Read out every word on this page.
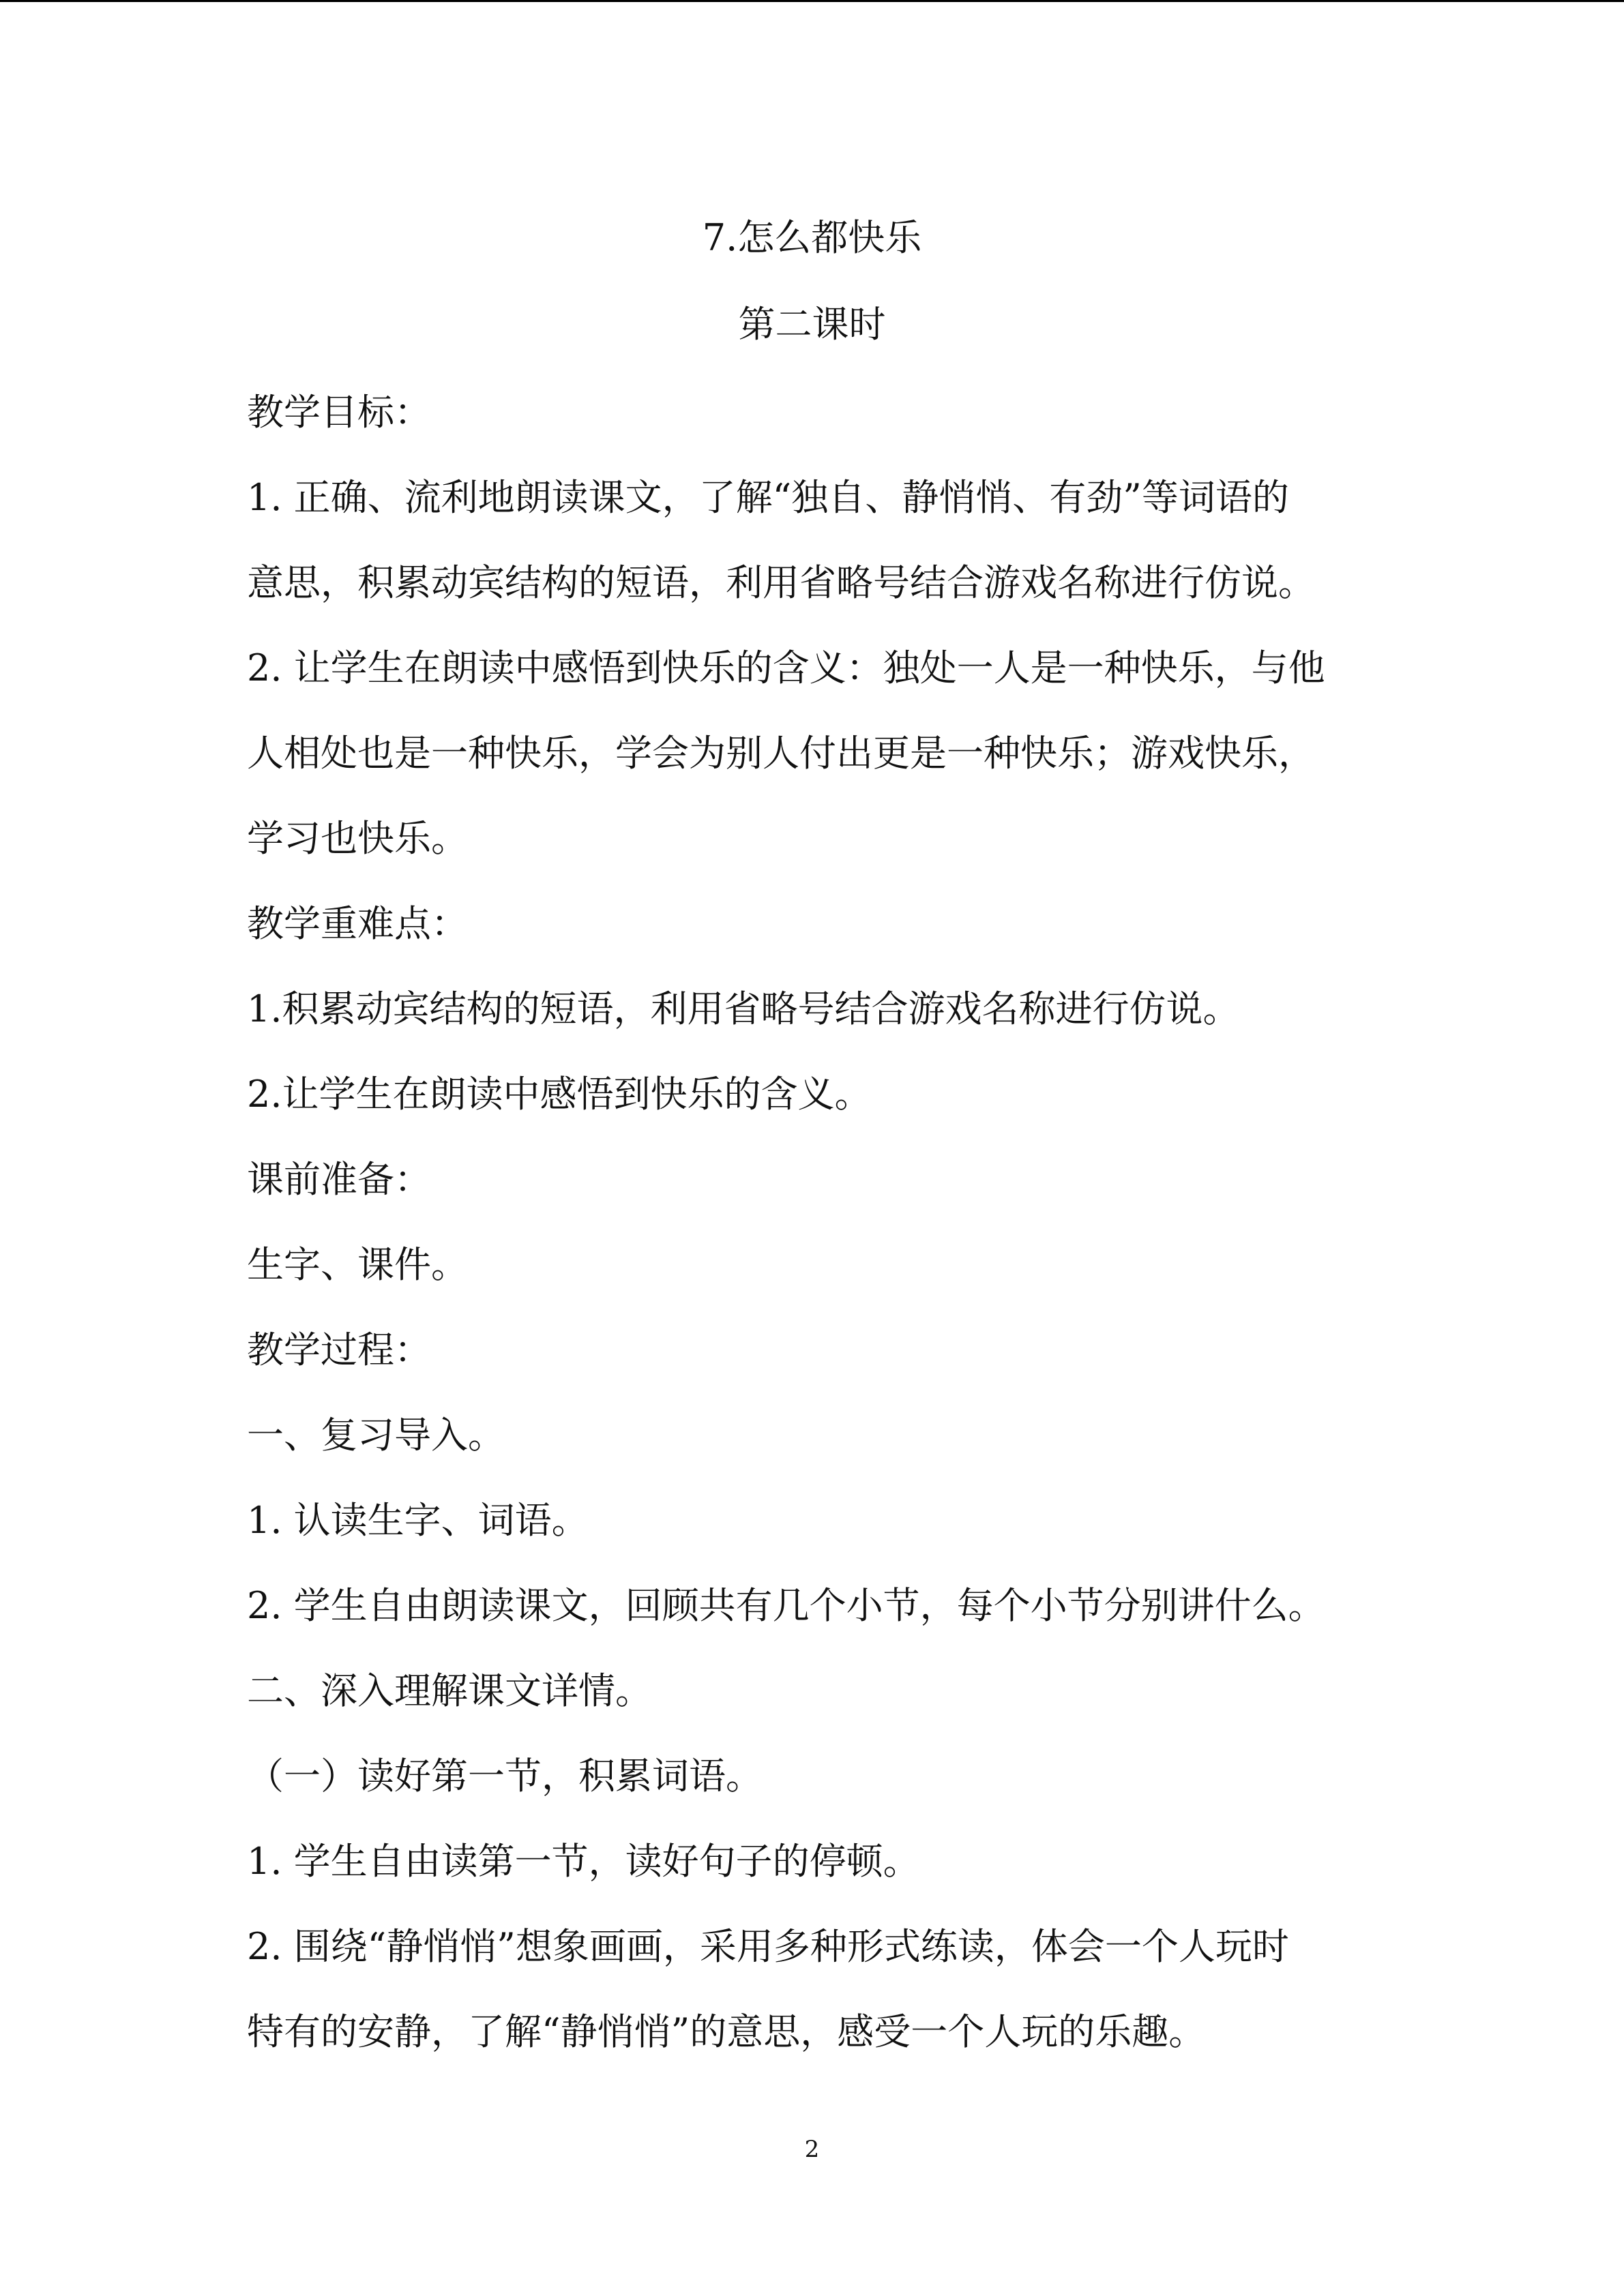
7.怎么都快乐
第二课时

教学目标：

1. 正确、流利地朗读课文，了解“独自、静悄悄、有劲”等词语的

意思，积累动宾结构的短语，利用省略号结合游戏名称进行仿说。

2. 让学生在朗读中感悟到快乐的含义：独处一人是一种快乐，与他

人相处也是一种快乐，学会为别人付出更是一种快乐；游戏快乐，

学习也快乐。

教学重难点：

1.积累动宾结构的短语，利用省略号结合游戏名称进行仿说。

2.让学生在朗读中感悟到快乐的含义。

课前准备：

生字、课件。

教学过程：

一、复习导入。

1. 认读生字、词语。

2. 学生自由朗读课文，回顾共有几个小节，每个小节分别讲什么。

二、深入理解课文详情。

（一）读好第一节，积累词语。

1. 学生自由读第一节，读好句子的停顿。

2. 围绕“静悄悄”想象画画，采用多种形式练读，体会一个人玩时

特有的安静，了解“静悄悄”的意思，感受一个人玩的乐趣。

2
